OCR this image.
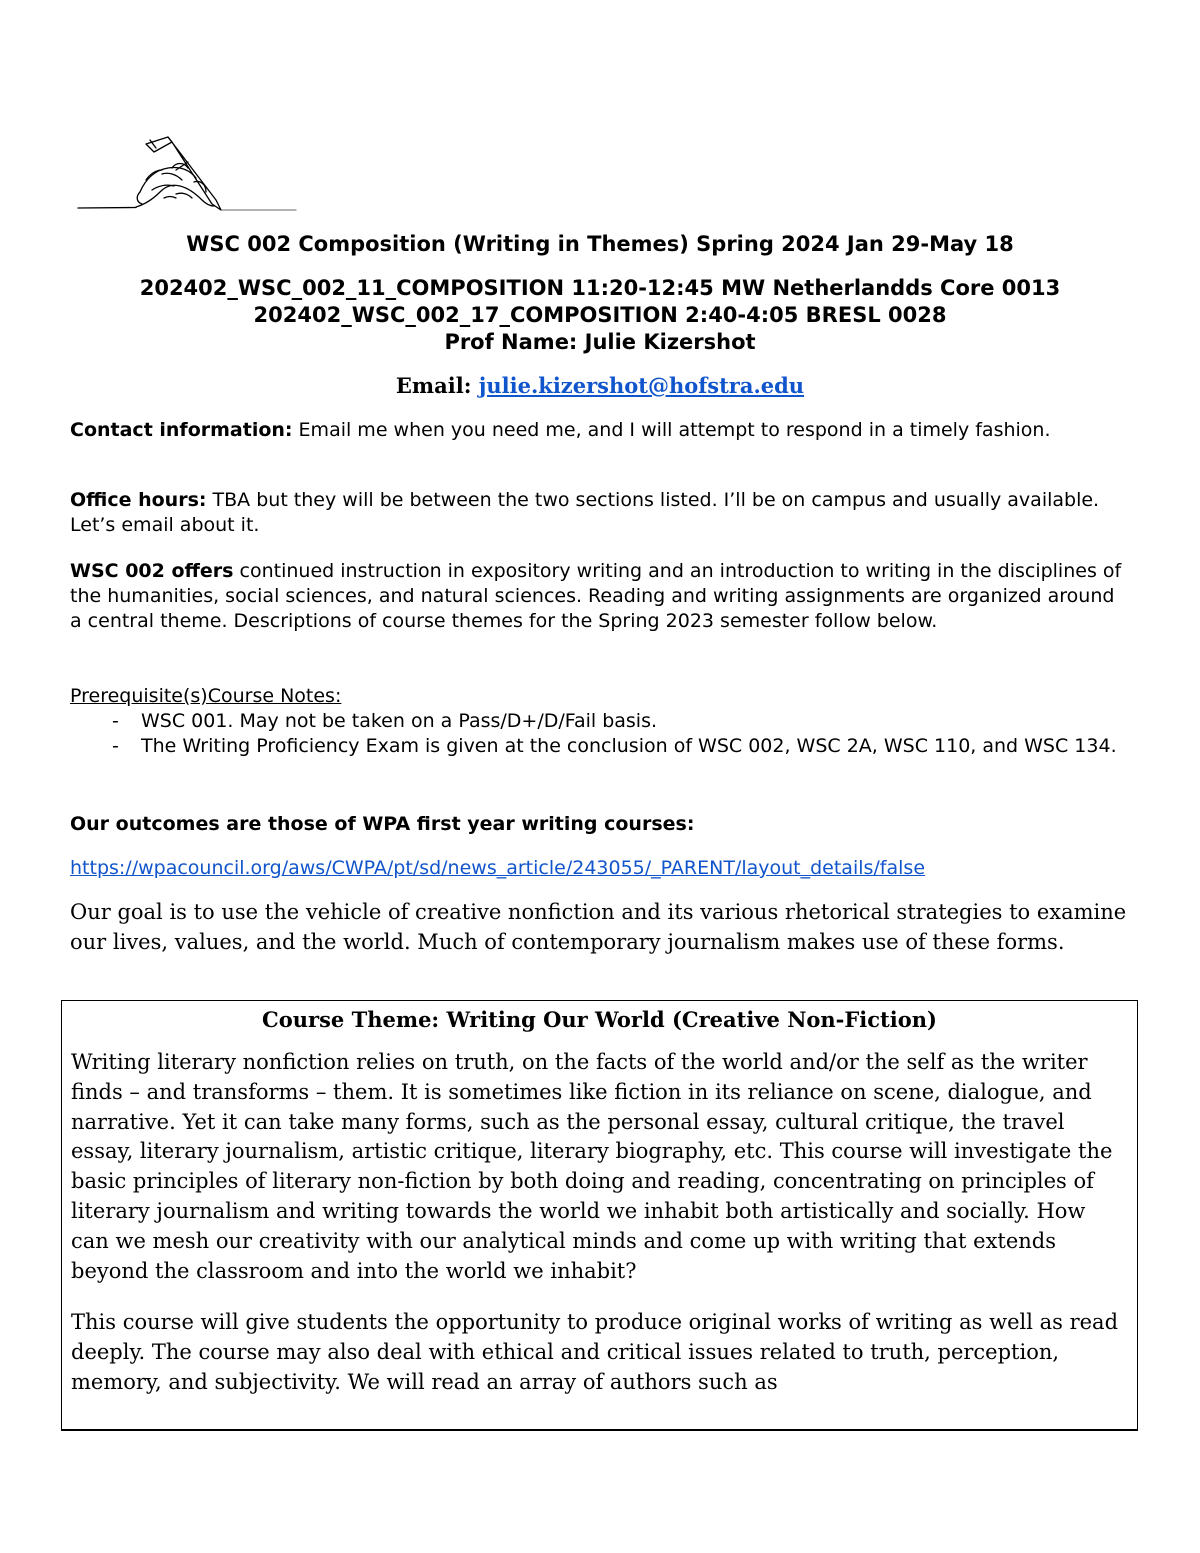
WSC 002 Composition (Writing in Themes) Spring 2024 Jan 29-May 18
202402_WSC_002_11_COMPOSITION 11:20-12:45 MW Netherlandds Core 0013
202402_WSC_002_17_COMPOSITION 2:40-4:05 BRESL 0028
Prof Name: Julie Kizershot
Email: julie.kizershot@hofstra.edu

Contact information: Email me when you need me, and I will attempt to respond in a timely fashion.

Office hours: TBA but they will be between the two sections listed. I’ll be on campus and usually available. Let’s email about it.

WSC 002 offers continued instruction in expository writing and an introduction to writing in the disciplines of the humanities, social sciences, and natural sciences. Reading and writing assignments are organized around a central theme. Descriptions of course themes for the Spring 2023 semester follow below.

Prerequisite(s)Course Notes:

- WSC 001. May not be taken on a Pass/D+/D/Fail basis.
- The Writing Proficiency Exam is given at the conclusion of WSC 002, WSC 2A, WSC 110, and WSC 134.
Our outcomes are those of WPA first year writing courses:
https://wpacouncil.org/aws/CWPA/pt/sd/news_article/243055/_PARENT/layout_details/false
Our goal is to use the vehicle of creative nonfiction and its various rhetorical strategies to examine our lives, values, and the world. Much of contemporary journalism makes use of these forms.
Course Theme: Writing Our World (Creative Non-Fiction)

Writing literary nonfiction relies on truth, on the facts of the world and/or the self as the writer finds – and transforms – them. It is sometimes like fiction in its reliance on scene, dialogue, and narrative. Yet it can take many forms, such as the personal essay, cultural critique, the travel essay, literary journalism, artistic critique, literary biography, etc. This course will investigate the basic principles of literary non-fiction by both doing and reading, concentrating on principles of literary journalism and writing towards the world we inhabit both artistically and socially. How can we mesh our creativity with our analytical minds and come up with writing that extends beyond the classroom and into the world we inhabit?

This course will give students the opportunity to produce original works of writing as well as read deeply. The course may also deal with ethical and critical issues related to truth, perception, memory, and subjectivity. We will read an array of authors such as
